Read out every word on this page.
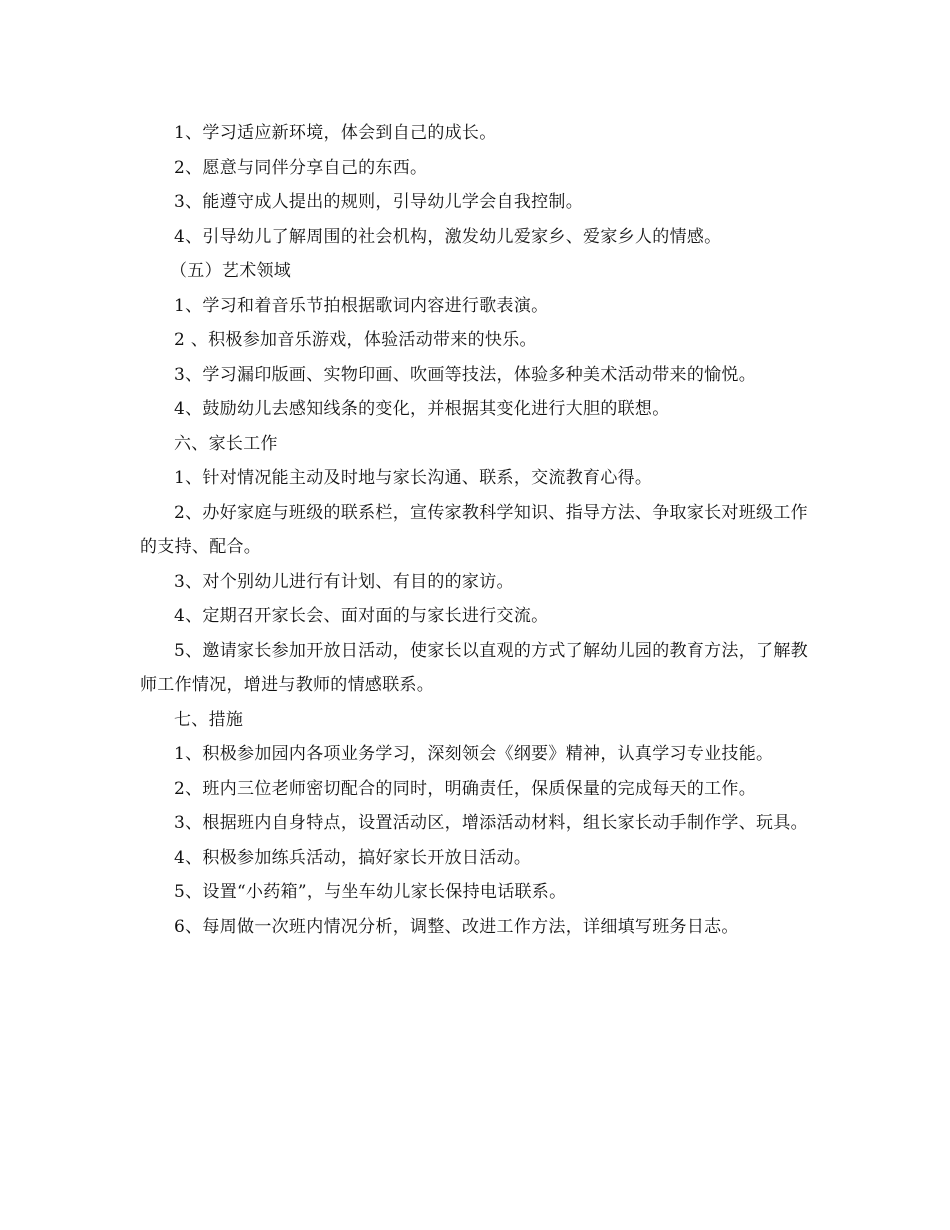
1、学习适应新环境，体会到自己的成长。

2、愿意与同伴分享自己的东西。

3、能遵守成人提出的规则，引导幼儿学会自我控制。

4、引导幼儿了解周围的社会机构，激发幼儿爱家乡、爱家乡人的情感。

（五）艺术领域

1、学习和着音乐节拍根据歌词内容进行歌表演。

2 、积极参加音乐游戏，体验活动带来的快乐。

3、学习漏印版画、实物印画、吹画等技法，体验多种美术活动带来的愉悦。

4、鼓励幼儿去感知线条的变化，并根据其变化进行大胆的联想。

六、家长工作

1、针对情况能主动及时地与家长沟通、联系，交流教育心得。

2、办好家庭与班级的联系栏，宣传家教科学知识、指导方法、争取家长对班级工作的支持、配合。

3、对个别幼儿进行有计划、有目的的家访。

4、定期召开家长会、面对面的与家长进行交流。

5、邀请家长参加开放日活动，使家长以直观的方式了解幼儿园的教育方法，了解教师工作情况，增进与教师的情感联系。

七、措施

1、积极参加园内各项业务学习，深刻领会《纲要》精神，认真学习专业技能。

2、班内三位老师密切配合的同时，明确责任，保质保量的完成每天的工作。

3、根据班内自身特点，设置活动区，增添活动材料，组长家长动手制作学、玩具。

4、积极参加练兵活动，搞好家长开放日活动。

5、设置“小药箱”，与坐车幼儿家长保持电话联系。

6、每周做一次班内情况分析，调整、改进工作方法，详细填写班务日志。
